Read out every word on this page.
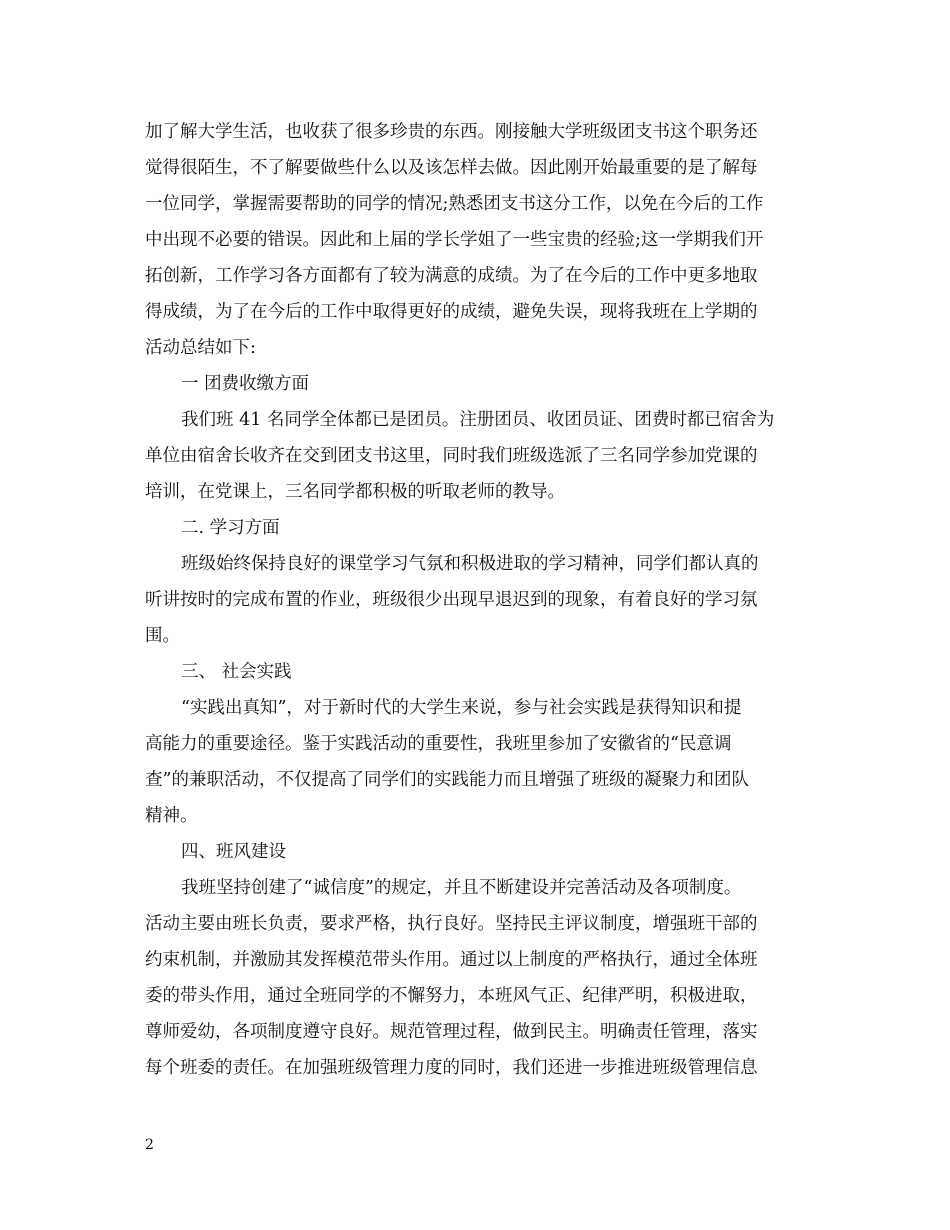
加了解大学生活，也收获了很多珍贵的东西。刚接触大学班级团支书这个职务还
觉得很陌生，不了解要做些什么以及该怎样去做。因此刚开始最重要的是了解每
一位同学，掌握需要帮助的同学的情况;熟悉团支书这分工作，以免在今后的工作
中出现不必要的错误。因此和上届的学长学姐了一些宝贵的经验;这一学期我们开
拓创新，工作学习各方面都有了较为满意的成绩。为了在今后的工作中更多地取
得成绩，为了在今后的工作中取得更好的成绩，避免失误，现将我班在上学期的
活动总结如下:
一 团费收缴方面
我们班 41 名同学全体都已是团员。注册团员、收团员证、团费时都已宿舍为
单位由宿舍长收齐在交到团支书这里，同时我们班级选派了三名同学参加党课的
培训，在党课上，三名同学都积极的听取老师的教导。
二. 学习方面
班级始终保持良好的课堂学习气氛和积极进取的学习精神，同学们都认真的
听讲按时的完成布置的作业，班级很少出现早退迟到的现象，有着良好的学习氛
围。
三、 社会实践
“实践出真知”，对于新时代的大学生来说，参与社会实践是获得知识和提
高能力的重要途径。鉴于实践活动的重要性，我班里参加了安徽省的“民意调
查”的兼职活动，不仅提高了同学们的实践能力而且增强了班级的凝聚力和团队
精神。
四、班风建设
我班坚持创建了“诚信度”的规定，并且不断建设并完善活动及各项制度。
活动主要由班长负责，要求严格，执行良好。坚持民主评议制度，增强班干部的
约束机制，并激励其发挥模范带头作用。通过以上制度的严格执行，通过全体班
委的带头作用，通过全班同学的不懈努力，本班风气正、纪律严明，积极进取，
尊师爱幼，各项制度遵守良好。规范管理过程，做到民主。明确责任管理，落实
每个班委的责任。在加强班级管理力度的同时，我们还进一步推进班级管理信息
2
